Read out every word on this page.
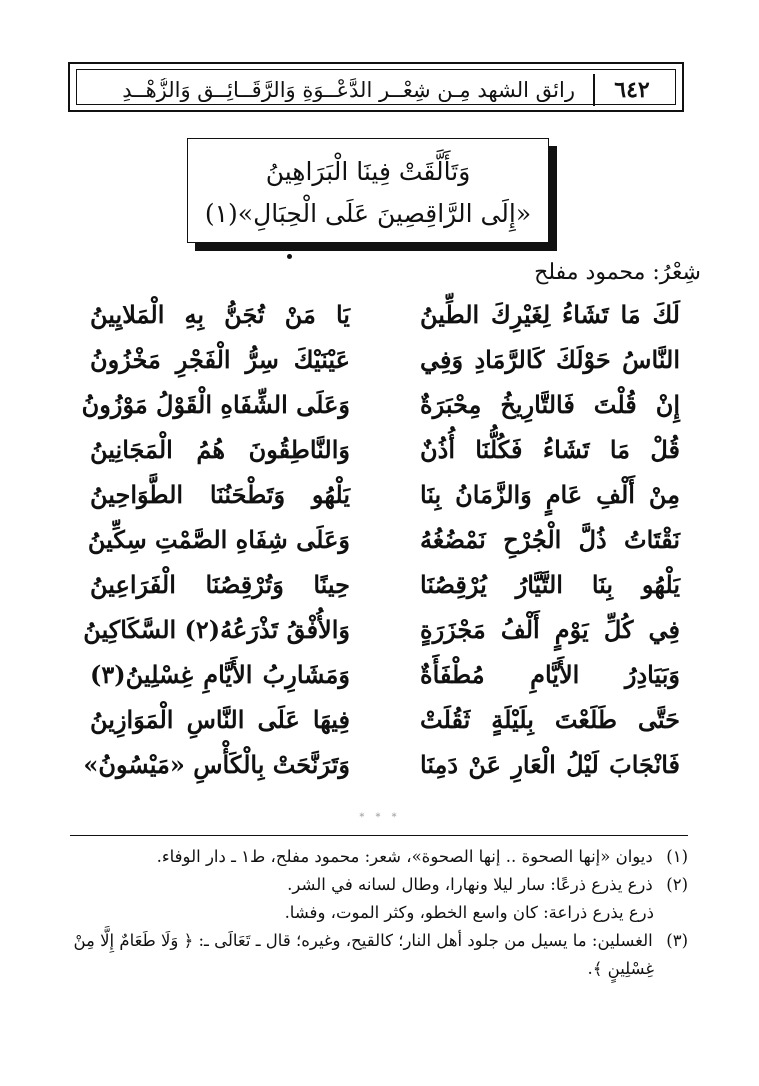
رائق الشهد مِـن شِعْــرِ الدَّعْــوَةِ وَالرَّقَــائِــقِ وَالزُّهْــدِ	٦٤٢
وَتَأَلَّقَتْ فِينَا الْبَرَاهِينُ
«إِلَى الرَّاقِصِينَ عَلَى الْحِبَالِ»(١)
شِعْرُ: محمود مفلح
لَكَ مَا تَشَاءُ لِغَيْرِكَ الطِّينُ
يَا مَنْ تُجَنُّ بِهِ الْمَلايِينُ
النَّاسُ حَوْلَكَ كَالرَّمَادِ وَفِي
عَيْنَيْكَ سِرُّ الْفَجْرِ مَخْزُونُ
إِنْ قُلْتَ فَالتَّارِيخُ مِحْبَرَةٌ
وَعَلَى الشِّفَاهِ الْقَوْلُ مَوْزُونُ
قُلْ مَا تَشَاءُ فَكُلُّنَا أُذُنٌ
وَالنَّاطِقُونَ هُمُ الْمَجَانِينُ
مِنْ أَلْفِ عَامٍ وَالزَّمَانُ بِنَا
يَلْهُو وَتَطْحَنُنَا الطَّوَاحِينُ
نَقْتَاتُ ذُلَّ الْجُرْحِ نَمْضُغُهُ
وَعَلَى شِفَاهِ الصَّمْتِ سِكِّينُ
يَلْهُو بِنَا التَّيَّارُ يُرْقِصُنَا
حِينًا وَتُرْقِصُنَا الْفَرَاعِينُ
فِي كُلِّ يَوْمٍ أَلْفُ مَجْزَرَةٍ
وَالأُفْقُ تَذْرَعُهُ(٢) السَّكَاكِينُ
وَبَيَادِرُ الأَيَّامِ مُطْفَأَةٌ
وَمَشَارِبُ الأَيَّامِ غِسْلِينُ(٣)
حَتَّى طَلَعْتَ بِلَيْلَةٍ ثَقُلَتْ
فِيهَا عَلَى النَّاسِ الْمَوَازِينُ
فَانْجَابَ لَيْلُ الْعَارِ عَنْ دَمِنَا
وَتَرَنَّحَتْ بِالْكَأْسِ «مَيْسُونُ»
* * *
(١) ديوان «إنها الصحوة .. إنها الصحوة»، شعر: محمود مفلح، ط١ ـ دار الوفاء.
(٢) ذرع يذرع ذرعًا: سار ليلا ونهارا، وطال لسانه في الشر.
ذرع يذرع ذراعة: كان واسع الخطو، وكثر الموت، وفشا.
(٣) الغسلين: ما يسيل من جلود أهل النار؛ كالقيح، وغيره؛ قال ـ تَعَالَى ـ: ﴿ وَلَا طَعَامٌ إِلَّا مِنْ
غِسْلِينٍ ﴾.
